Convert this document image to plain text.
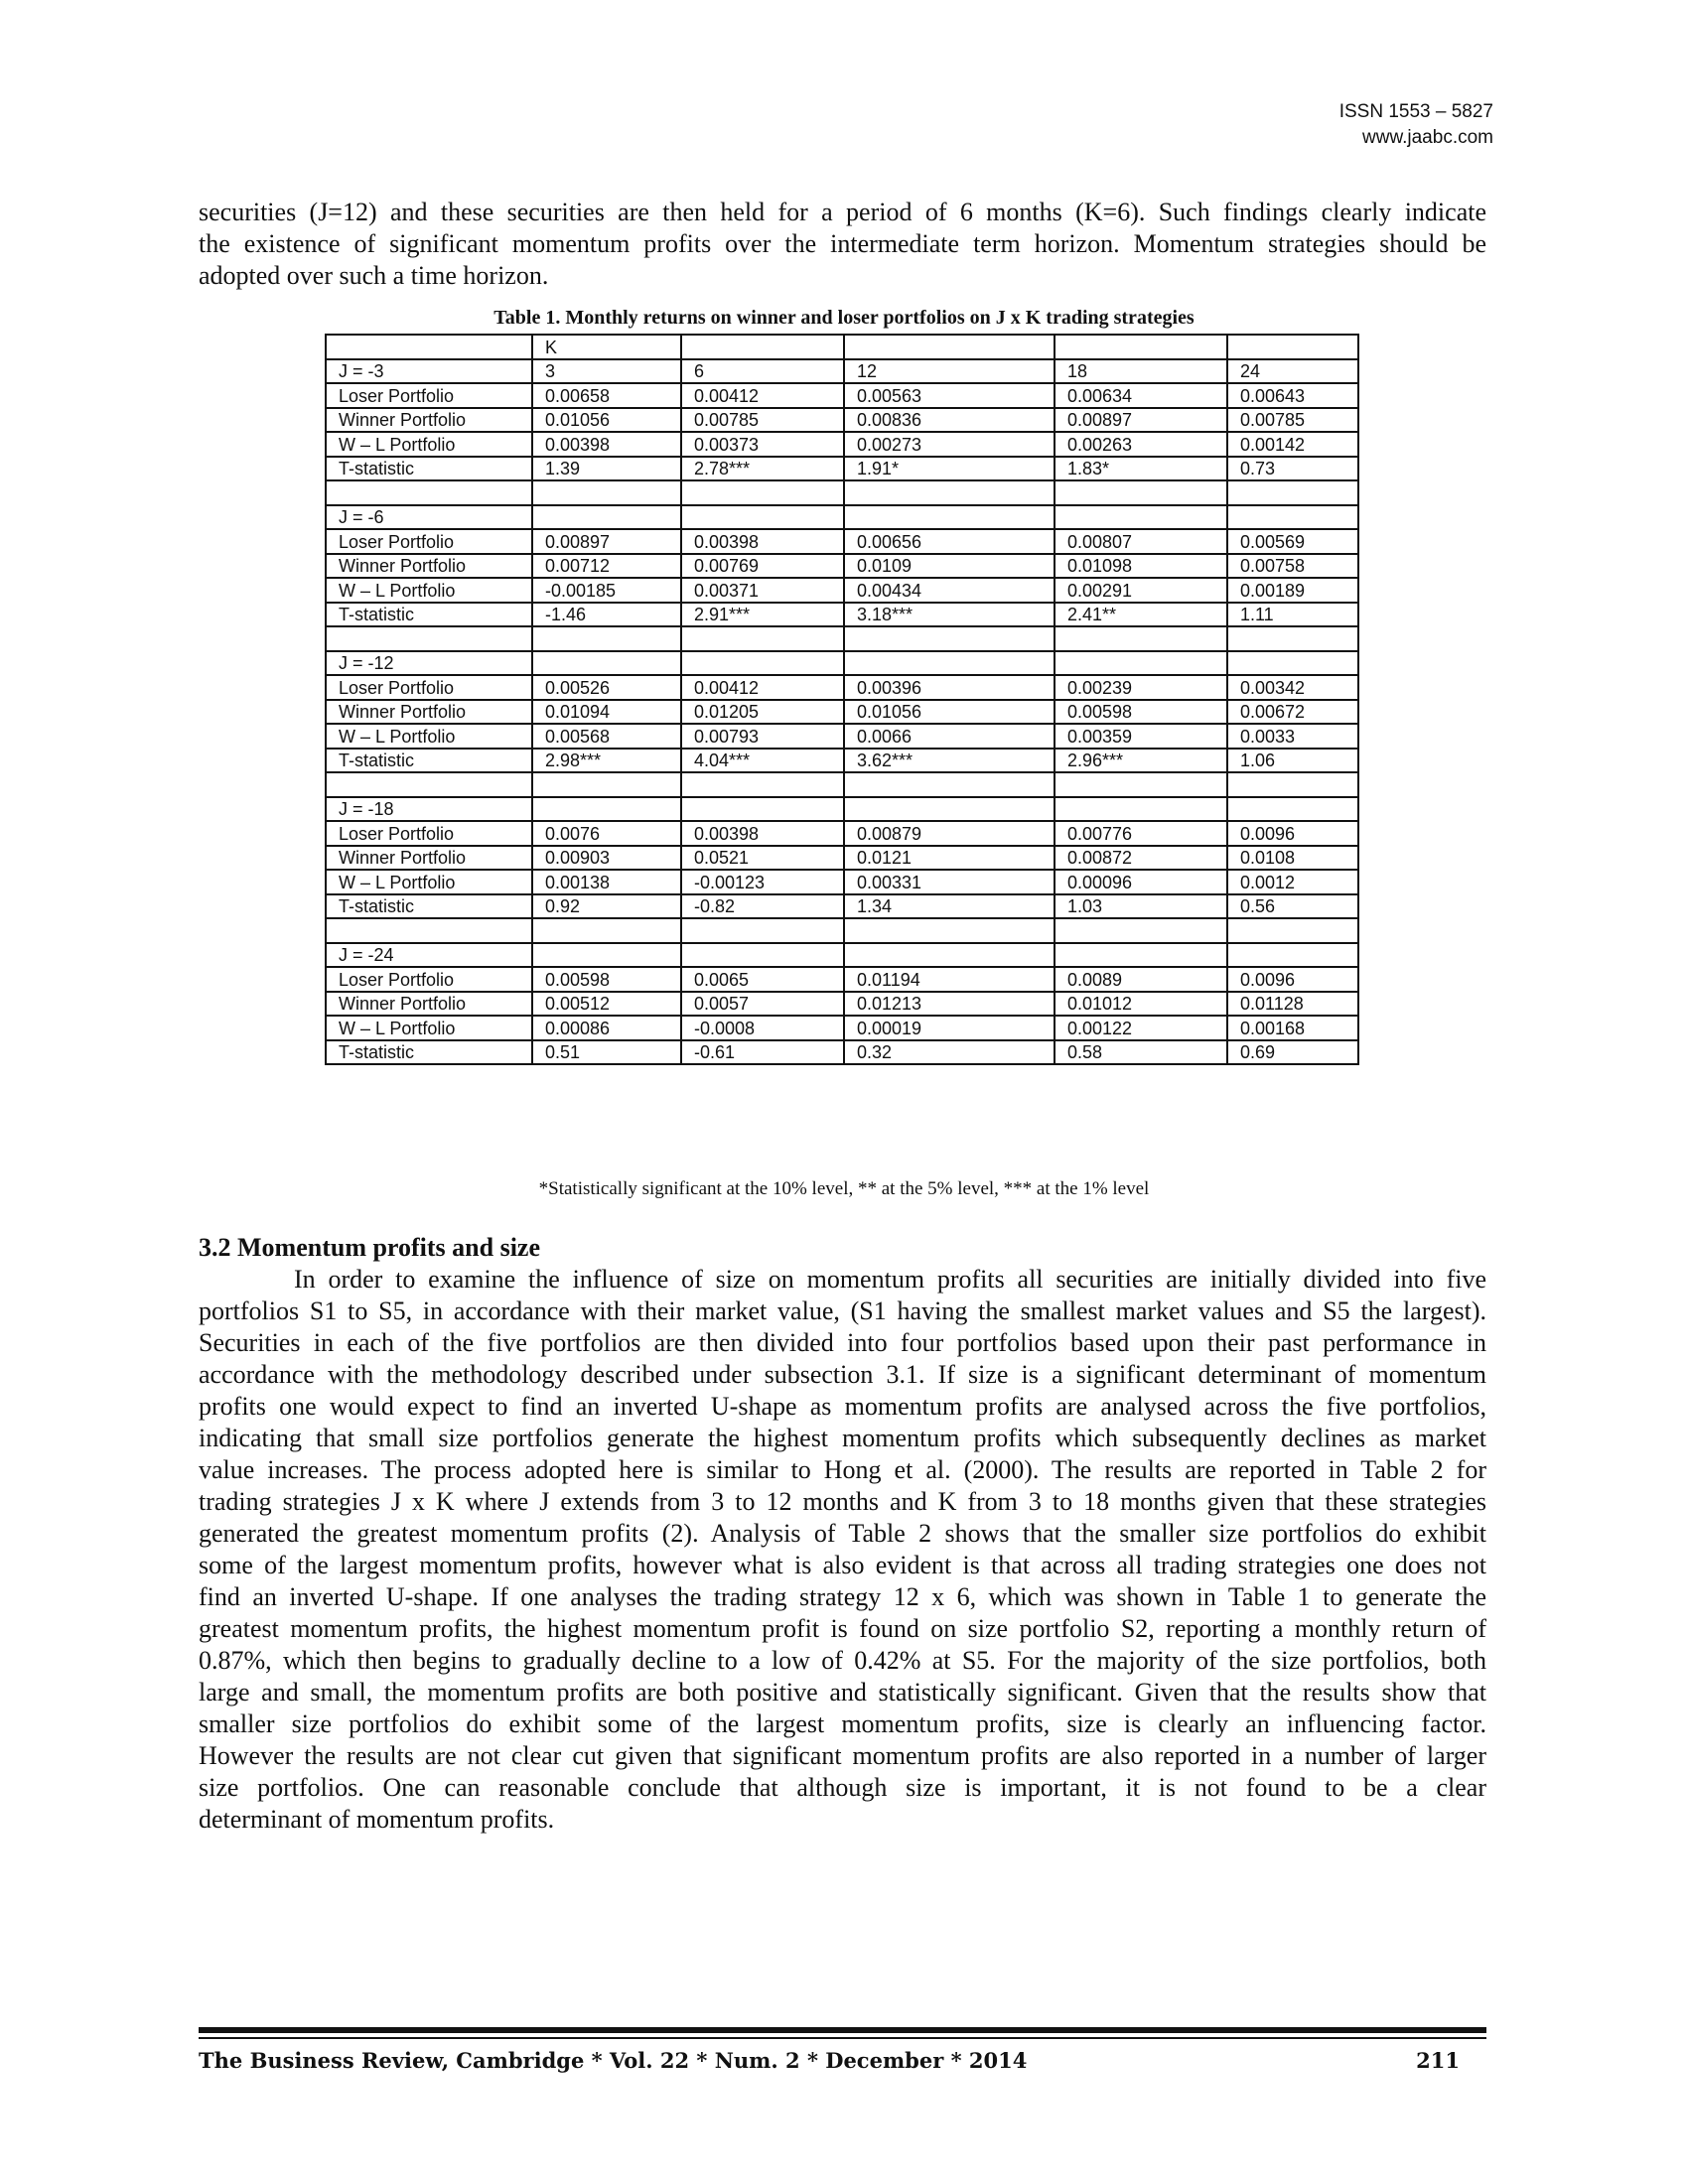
ISSN 1553 – 5827
www.jaabc.com

securities (J=12) and these securities are then held for a period of 6 months (K=6). Such findings clearly indicate
the existence of significant momentum profits over the intermediate term horizon. Momentum strategies should be
adopted over such a time horizon.

Table 1. Monthly returns on winner and loser portfolios on J x K trading strategies
	K				
J = -3	3	6	12	18	24
Loser Portfolio	0.00658	0.00412	0.00563	0.00634	0.00643
Winner Portfolio	0.01056	0.00785	0.00836	0.00897	0.00785
W – L Portfolio	0.00398	0.00373	0.00273	0.00263	0.00142
T-statistic	1.39	2.78***	1.91*	1.83*	0.73

J = -6					
Loser Portfolio	0.00897	0.00398	0.00656	0.00807	0.00569
Winner Portfolio	0.00712	0.00769	0.0109	0.01098	0.00758
W – L Portfolio	-0.00185	0.00371	0.00434	0.00291	0.00189
T-statistic	-1.46	2.91***	3.18***	2.41**	1.11

J = -12					
Loser Portfolio	0.00526	0.00412	0.00396	0.00239	0.00342
Winner Portfolio	0.01094	0.01205	0.01056	0.00598	0.00672
W – L Portfolio	0.00568	0.00793	0.0066	0.00359	0.0033
T-statistic	2.98***	4.04***	3.62***	2.96***	1.06

J = -18					
Loser Portfolio	0.0076	0.00398	0.00879	0.00776	0.0096
Winner Portfolio	0.00903	0.0521	0.0121	0.00872	0.0108
W – L Portfolio	0.00138	-0.00123	0.00331	0.00096	0.0012
T-statistic	0.92	-0.82	1.34	1.03	0.56

J = -24					
Loser Portfolio	0.00598	0.0065	0.01194	0.0089	0.0096
Winner Portfolio	0.00512	0.0057	0.01213	0.01012	0.01128
W – L Portfolio	0.00086	-0.0008	0.00019	0.00122	0.00168
T-statistic	0.51	-0.61	0.32	0.58	0.69
*Statistically significant at the 10% level, ** at the 5% level, *** at the 1% level
3.2 Momentum profits and size

In order to examine the influence of size on momentum profits all securities are initially divided into five
portfolios S1 to S5, in accordance with their market value, (S1 having the smallest market values and S5 the largest).
Securities in each of the five portfolios are then divided into four portfolios based upon their past performance in
accordance with the methodology described under subsection 3.1. If size is a significant determinant of momentum
profits one would expect to find an inverted U-shape as momentum profits are analysed across the five portfolios,
indicating that small size portfolios generate the highest momentum profits which subsequently declines as market
value increases. The process adopted here is similar to Hong et al. (2000). The results are reported in Table 2 for
trading strategies J x K where J extends from 3 to 12 months and K from 3 to 18 months given that these strategies
generated the greatest momentum profits (2). Analysis of Table 2 shows that the smaller size portfolios do exhibit
some of the largest momentum profits, however what is also evident is that across all trading strategies one does not
find an inverted U-shape. If one analyses the trading strategy 12 x 6, which was shown in Table 1 to generate the
greatest momentum profits, the highest momentum profit is found on size portfolio S2, reporting a monthly return of
0.87%, which then begins to gradually decline to a low of 0.42% at S5. For the majority of the size portfolios, both
large and small, the momentum profits are both positive and statistically significant. Given that the results show that
smaller size portfolios do exhibit some of the largest momentum profits, size is clearly an influencing factor.
However the results are not clear cut given that significant momentum profits are also reported in a number of larger
size portfolios. One can reasonable conclude that although size is important, it is not found to be a clear
determinant of momentum profits.

The Business Review, Cambridge * Vol. 22 * Num. 2 * December * 2014	211
